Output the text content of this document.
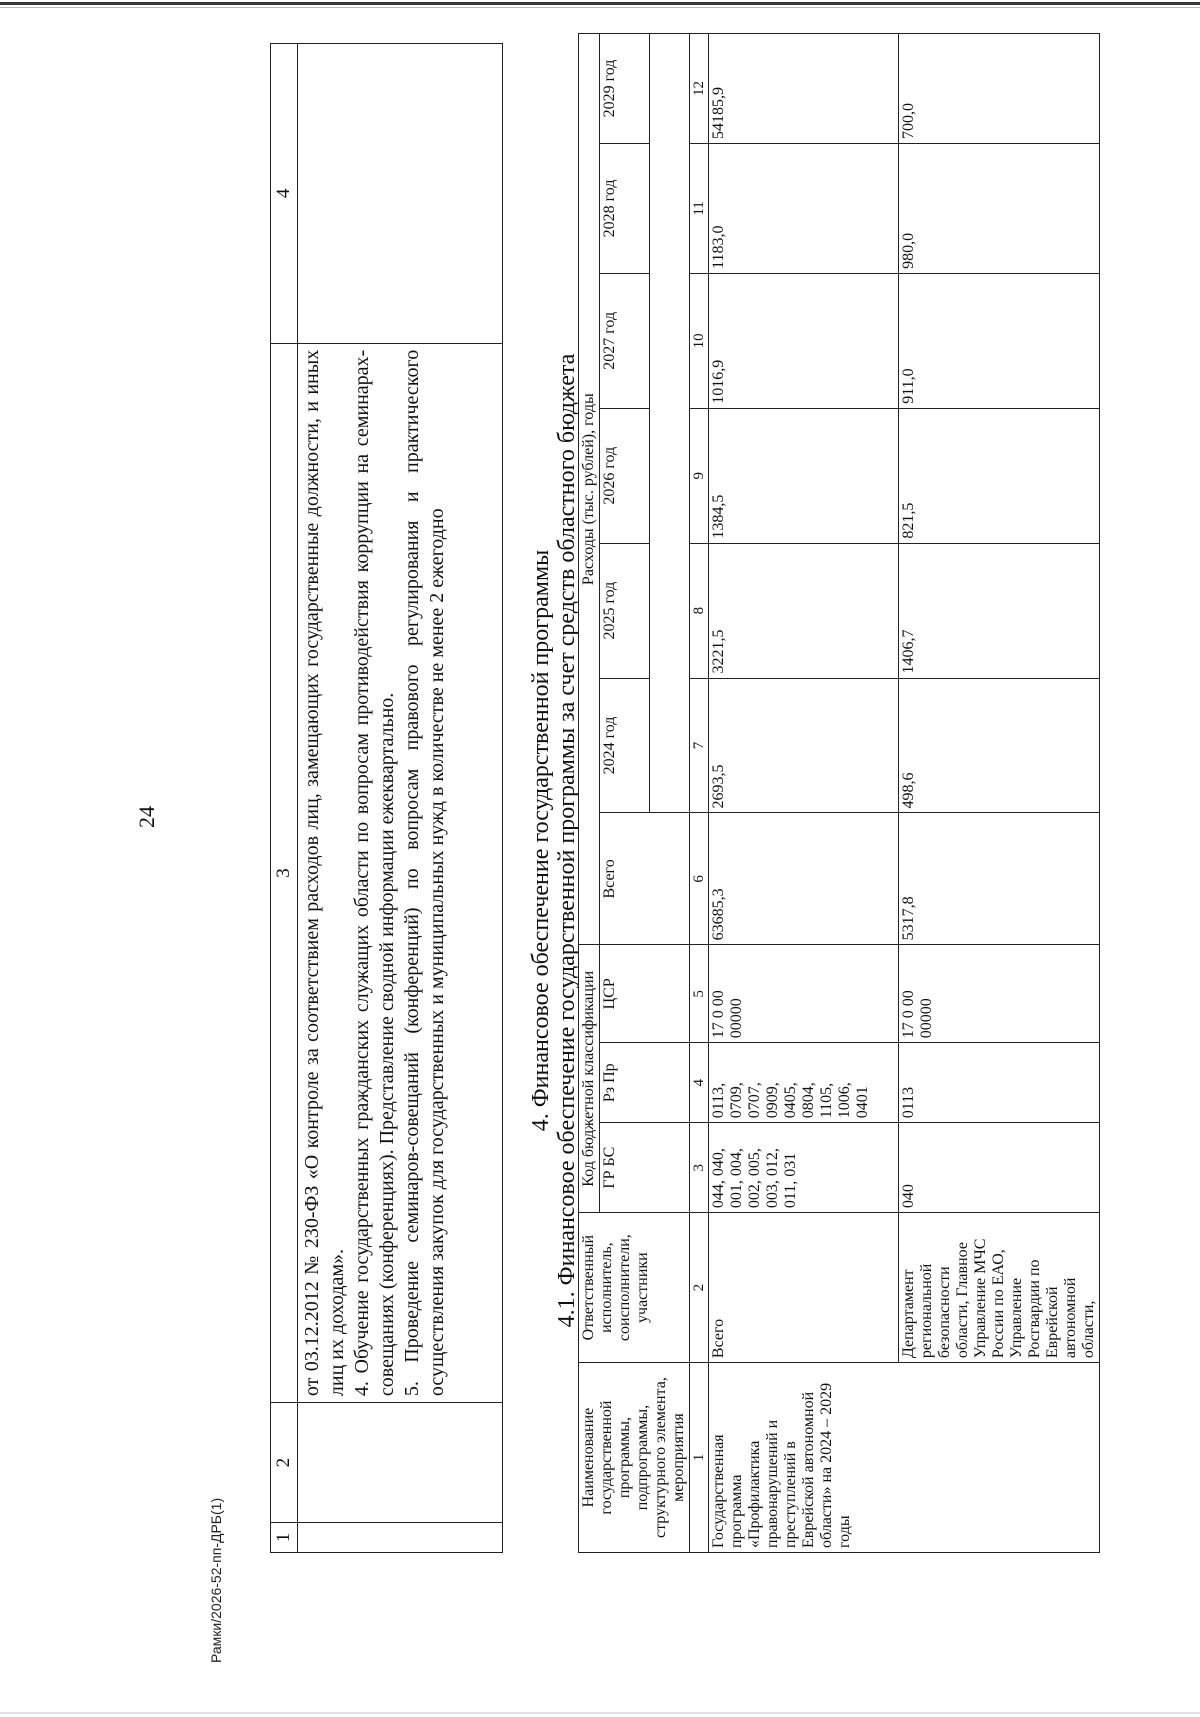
24
Рамки/2026-52-пп-ДРБ(1)	1	2	3	4

		от 03.12.2012 № 230-ФЗ «О контроле за соответствием расходов лиц, замещающих государственные должности, и иных лиц их доходам». 4. Обучение государственных гражданских служащих области по вопросам противодействия коррупции на семинарах-совещаниях (конференциях). Представление сводной информации ежеквартально. 5. Проведение семинаров-совещаний (конференций) по вопросам правового регулирования и практического осуществления закупок для государственных и муниципальных нужд в количестве не менее 2 ежегодно	
		4. Финансовое обеспечение государственной программы 4.1. Финансовое обеспечение государственной программы за счет средств областного бюджета
Наименование государственной программы, подпрограммы, структурного элемента, мероприятия	Ответственный исполнитель, соисполнители, участники	Код бюджетной классификации			Расходы (тыс. рублей), годы						
		ГР БС	Рз Пр	ЦСР	Всего	2024 год	2025 год	2026 год	2027 год	2028 год	2029 год

1	2	3	4	5	6	7	8	9	10	11	12
Государственная программа «Профилактика правонарушений и преступлений в Еврейской автономной области» на 2024 – 2029 годы	Всего	044, 040, 001, 004, 002, 005, 003, 012, 011, 031	0113, 0709, 0707, 0909, 0405, 0804, 1105, 1006, 0401	17 0 00 00000	63685,3	2693,5	3221,5	1384,5	1016,9	1183,0	54185,9
	Департамент региональной безопасности области, Главное Управление МЧС России по ЕАО, Управление Росгвардии по Еврейской автономной области,	040	0113	17 0 00 00000	5317,8	498,6	1406,7	821,5	911,0	980,0	700,0
